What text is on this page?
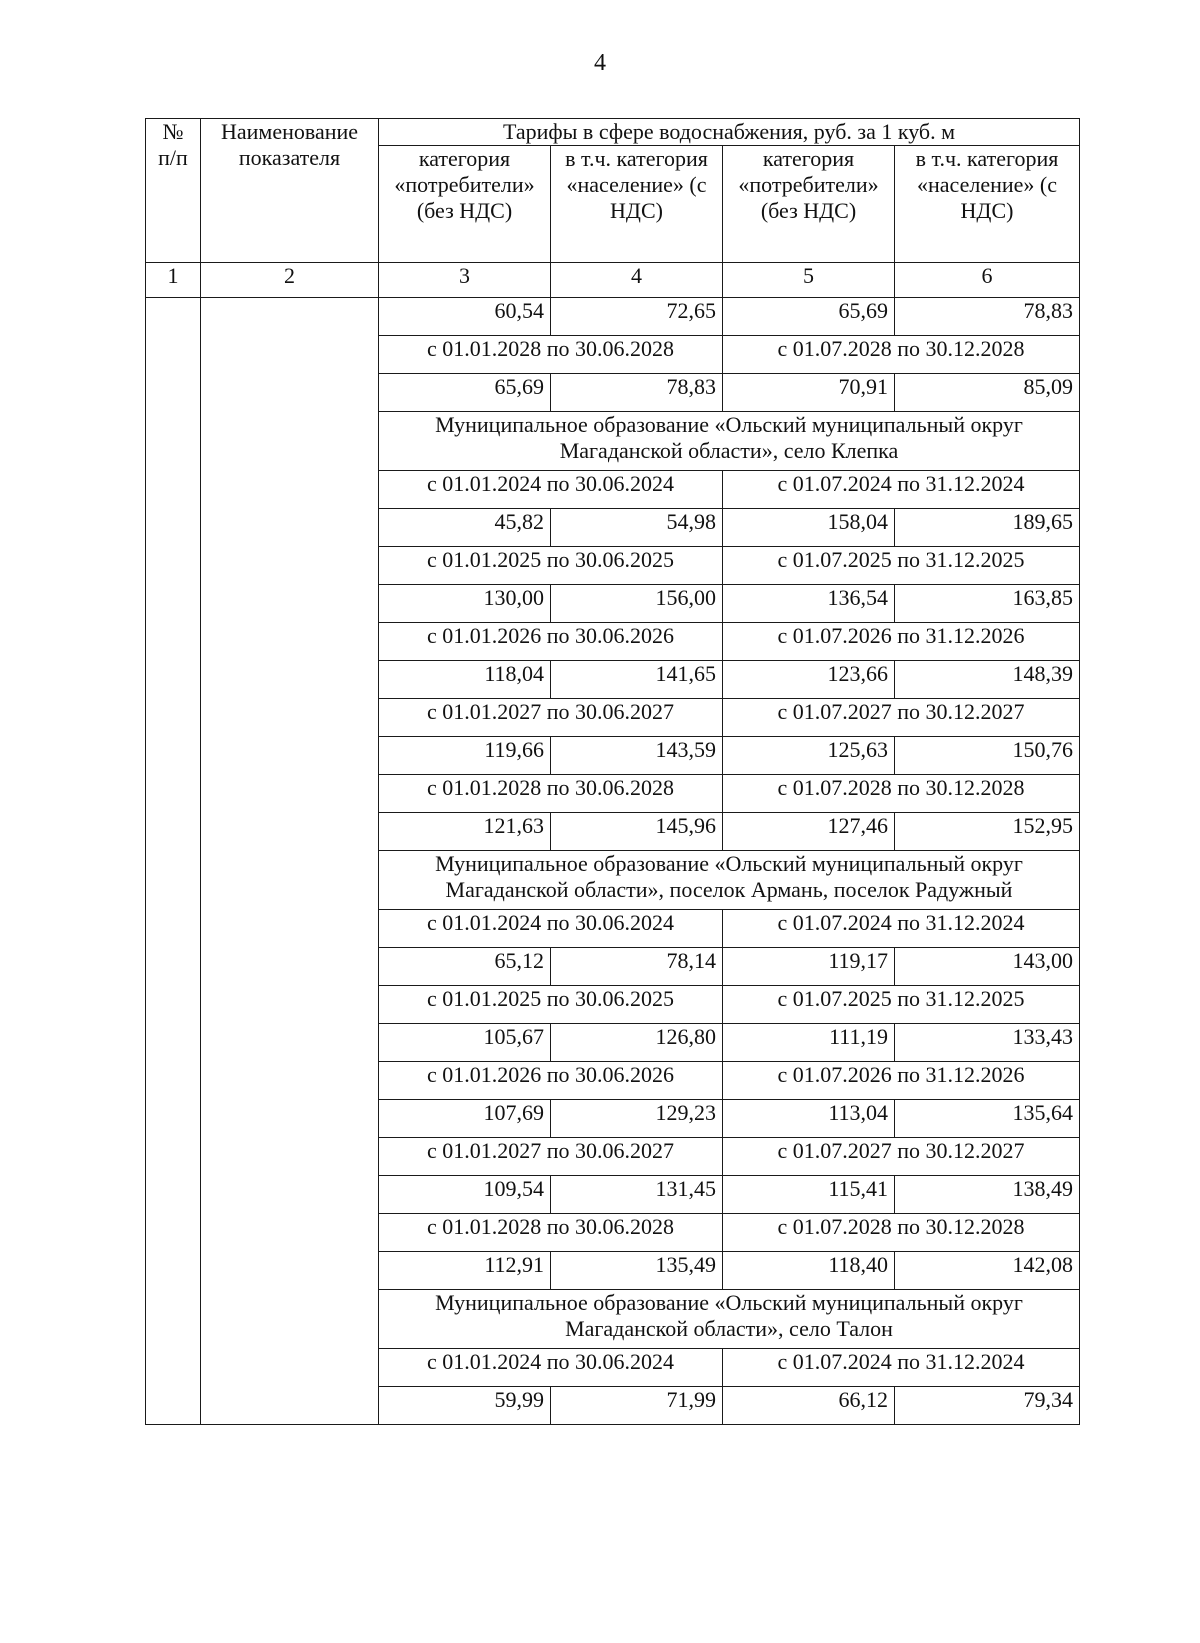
4
№ п/п	Наименование показателя	Тарифы в сфере водоснабжения, руб. за 1 куб. м			
		категория «потребители» (без НДС)	в т.ч. категория «население» (с НДС)	категория «потребители» (без НДС)	в т.ч. категория «население» (с НДС)
1	2	3	4	5	6
		60,54	72,65	65,69	78,83
		с 01.01.2028 по 30.06.2028		с 01.07.2028 по 30.12.2028	
		65,69	78,83	70,91	85,09
		Муниципальное образование «Ольский муниципальный округ Магаданской области», село Клепка			
		с 01.01.2024 по 30.06.2024		с 01.07.2024 по 31.12.2024	
		45,82	54,98	158,04	189,65
		с 01.01.2025 по 30.06.2025		с 01.07.2025 по 31.12.2025	
		130,00	156,00	136,54	163,85
		с 01.01.2026 по 30.06.2026		с 01.07.2026 по 31.12.2026	
		118,04	141,65	123,66	148,39
		с 01.01.2027 по 30.06.2027		с 01.07.2027 по 30.12.2027	
		119,66	143,59	125,63	150,76
		с 01.01.2028 по 30.06.2028		с 01.07.2028 по 30.12.2028	
		121,63	145,96	127,46	152,95
		Муниципальное образование «Ольский муниципальный округ Магаданской области», поселок Армань, поселок Радужный			
		с 01.01.2024 по 30.06.2024		с 01.07.2024 по 31.12.2024	
		65,12	78,14	119,17	143,00
		с 01.01.2025 по 30.06.2025		с 01.07.2025 по 31.12.2025	
		105,67	126,80	111,19	133,43
		с 01.01.2026 по 30.06.2026		с 01.07.2026 по 31.12.2026	
		107,69	129,23	113,04	135,64
		с 01.01.2027 по 30.06.2027		с 01.07.2027 по 30.12.2027	
		109,54	131,45	115,41	138,49
		с 01.01.2028 по 30.06.2028		с 01.07.2028 по 30.12.2028	
		112,91	135,49	118,40	142,08
		Муниципальное образование «Ольский муниципальный округ Магаданской области», село Талон			
		с 01.01.2024 по 30.06.2024		с 01.07.2024 по 31.12.2024	
		59,99	71,99	66,12	79,34
